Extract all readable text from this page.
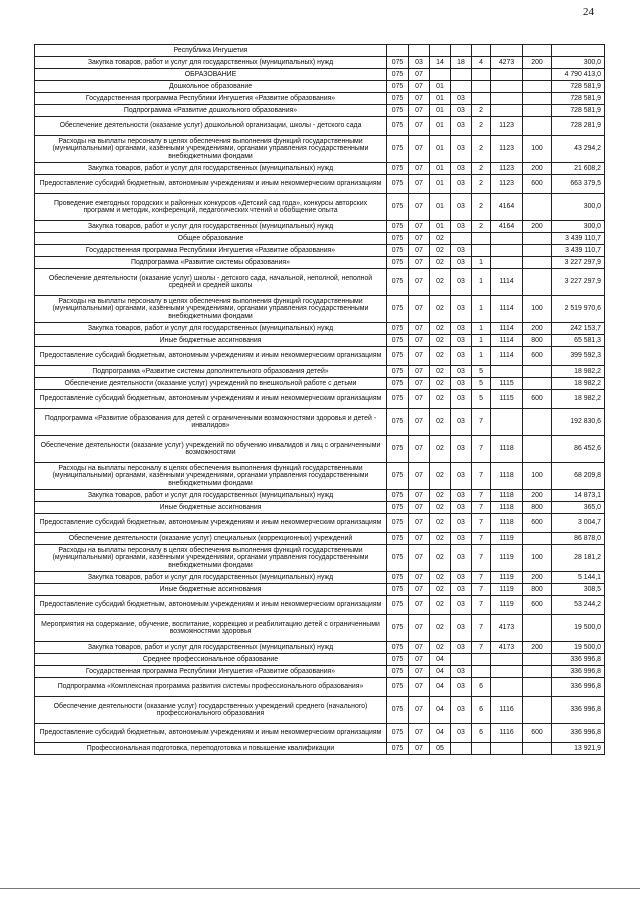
24
Республика Ингушетия								
Закупка товаров, работ и услуг для государственных (муниципальных) нужд	075	03	14	18	4	4273	200	300,0
ОБРАЗОВАНИЕ	075	07						4 790 413,0
Дошкольное образование	075	07	01					728 581,9
Государственная программа Республики Ингушетия «Развитие образования»	075	07	01	03				728 581,9
Подпрограмма «Развитие дошкольного образования»	075	07	01	03	2			728 581,9
Обеспечение деятельности (оказание услуг) дошкольной организации, школы - детского сада	075	07	01	03	2	1123		728 281,9
Расходы на выплаты персоналу в целях обеспечения выполнения функций государственными (муниципальными) органами, казёнными учреждениями, органами управления государственными внебюджетными фондами	075	07	01	03	2	1123	100	43 294,2
Закупка товаров, работ и услуг для государственных (муниципальных) нужд	075	07	01	03	2	1123	200	21 608,2
Предоставление субсидий бюджетным, автономным учреждениям и иным некоммерческим организациям	075	07	01	03	2	1123	600	663 379,5
Проведение ежегодных городских и районных конкурсов «Детский сад года», конкурсы авторских программ и методик, конференций, педагогических чтений и обобщение опыта	075	07	01	03	2	4164		300,0
Закупка товаров, работ и услуг для государственных (муниципальных) нужд	075	07	01	03	2	4164	200	300,0
Общее образование	075	07	02					3 439 110,7
Государственная программа Республики Ингушетия «Развитие образования»	075	07	02	03				3 439 110,7
Подпрограмма «Развитие системы образования»	075	07	02	03	1			3 227 297,9
Обеспечение деятельности (оказание услуг) школы - детского сада, начальной, неполной, неполной средней и средней школы	075	07	02	03	1	1114		3 227 297,9
Расходы на выплаты персоналу в целях обеспечения выполнения функций государственными (муниципальными) органами, казёнными учреждениями, органами управления государственными внебюджетными фондами	075	07	02	03	1	1114	100	2 519 970,6
Закупка товаров, работ и услуг для государственных (муниципальных) нужд	075	07	02	03	1	1114	200	242 153,7
Иные бюджетные ассигнования	075	07	02	03	1	1114	800	65 581,3
Предоставление субсидий бюджетным, автономным учреждениям и иным некоммерческим организациям	075	07	02	03	1	1114	600	399 592,3
Подпрограмма «Развитие системы дополнительного образования детей»	075	07	02	03	5			18 982,2
Обеспечение деятельности (оказание услуг) учреждений по внешкольной работе с детьми	075	07	02	03	5	1115		18 982,2
Предоставление субсидий бюджетным, автономным учреждениям и иным некоммерческим организациям	075	07	02	03	5	1115	600	18 982,2
Подпрограмма «Развитие образования для детей с ограниченными возможностями здоровья и детей - инвалидов»	075	07	02	03	7			192 830,6
Обеспечение деятельности (оказание услуг) учреждений по обучению инвалидов и лиц с ограниченными возможностями	075	07	02	03	7	1118		86 452,6
Расходы на выплаты персоналу в целях обеспечения выполнения функций государственными (муниципальными) органами, казёнными учреждениями, органами управления государственными внебюджетными фондами	075	07	02	03	7	1118	100	68 209,8
Закупка товаров, работ и услуг для государственных (муниципальных) нужд	075	07	02	03	7	1118	200	14 873,1
Иные бюджетные ассигнования	075	07	02	03	7	1118	800	365,0
Предоставление субсидий бюджетным, автономным учреждениям и иным некоммерческим организациям	075	07	02	03	7	1118	600	3 004,7
Обеспечение деятельности (оказание услуг) специальных (коррекционных) учреждений	075	07	02	03	7	1119		86 878,0
Расходы на выплаты персоналу в целях обеспечения выполнения функций государственными (муниципальными) органами, казёнными учреждениями, органами управления государственными внебюджетными фондами	075	07	02	03	7	1119	100	28 181,2
Закупка товаров, работ и услуг для государственных (муниципальных) нужд	075	07	02	03	7	1119	200	5 144,1
Иные бюджетные ассигнования	075	07	02	03	7	1119	800	308,5
Предоставление субсидий бюджетным, автономным учреждениям и иным некоммерческим организациям	075	07	02	03	7	1119	600	53 244,2
Мероприятия на содержание, обучение, воспитание, коррекцию и реабилитацию детей с ограниченными возможностями здоровья	075	07	02	03	7	4173		19 500,0
Закупка товаров, работ и услуг для государственных (муниципальных) нужд	075	07	02	03	7	4173	200	19 500,0
Среднее профессиональное образование	075	07	04					336 996,8
Государственная программа Республики Ингушетия «Развитие образования»	075	07	04	03				336 996,8
Подпрограмма «Комплексная программа развития системы профессионального образования»	075	07	04	03	6			336 996,8
Обеспечение деятельности (оказание услуг) государственных учреждений среднего (начального) профессионального образования	075	07	04	03	6	1116		336 996,8
Предоставление субсидий бюджетным, автономным учреждениям и иным некоммерческим организациям	075	07	04	03	6	1116	600	336 996,8
Профессиональная подготовка, переподготовка и повышение квалификации	075	07	05					13 921,9
